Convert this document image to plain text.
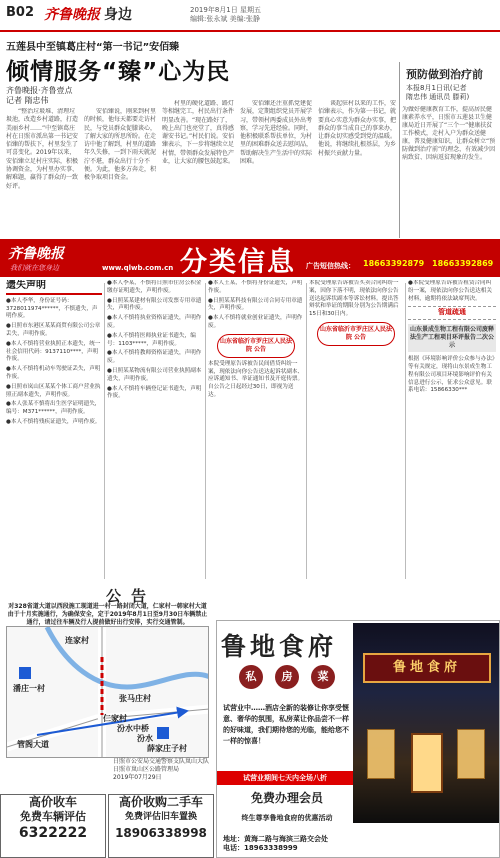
B02 齐鲁晚报 身边	2019年8月1日 星期五
编辑:张永斌 美编:张静
五莲县中至镇葛庄村“第一书记”安佰臻
倾情服务“臻”心为民
齐鲁晚报·齐鲁壹点
记者 隋忠伟

“整治垃圾堆、清理垃圾池，改造乡村道路，打造美丽乡村……”中至镇葛庄村在日照市派出第一书记安佰臻的帮扶下，村里发生了可喜变化。2019年以来，安佰臻立足村庄实际，积极协调资金，为村里办实事、解难题，赢得了群众的一致好评。

安佰臻说，刚来到村里的时候，他每天都要走访村民，与党员群众促膝谈心，了解大家的所思所盼。在走访中他了解到，村里的道路年久失修，一到下雨天就泥泞不堪，群众出行十分不便。为此，他多方奔走，积极争取项目资金。

村里的硬化道路、路灯等相继完工，村民出行条件明显改善。“现在路好了，晚上出门也亮堂了，真得感谢安书记。”村民们说。安佰臻表示，下一步将继续立足村情，带领群众发展特色产业，让大家的腰包鼓起来。

安佰臻还注重抓党建促发展，定期组织党员开展学习，带领村两委成员外出考察，学习先进经验。同时，他积极联系帮扶单位，为村里的困难群众送去慰问品，帮助解决生产生活中的实际困难。

谈起驻村以来的工作，安佰臻表示，作为第一书记，就要真心实意为群众办实事，把群众的事当成自己的事来办，让群众切实感受到党的温暖。他说，将继续扎根基层，为乡村振兴贡献力量。

预防做到治疗前
本报8月1日讯(记者
隋忠伟 通讯员 滕莉)
为做好健康教育工作，提高居民健康素养水平，日照市五莲县卫生健康局近日开展了“三个一”健康扶贫工作模式，走村入户为群众送健康，普及健康知识，让群众树立“预防做到治疗前”的理念，有效减少因病致贫、因病返贫现象的发生。
齐鲁晚报
我们就在您身边	www.qlwb.com.cn 分类信息 广告短信热线： 18663392879 18663392869
遗失声明
●本人李华，身份证号码：3728011974******，不慎遗失，声明作废。
●日照市东港区某某商贸有限公司公章丢失，声明作废。
●本人不慎将营业执照正本遗失，统一社会信用代码：9137110****，声明作废。
●本人不慎将机动车驾驶证丢失，声明作废。
●日照市岚山区某某个体工商户营业执照正副本遗失，声明作废。
●本人张某不慎将出生医学证明遗失，编号：M371******，声明作废。
●本人不慎将残疾证遗失，声明作废。
●本人李某，不慎将日照市住房公积金缴存证明遗失，声明作废。
●日照某某建材有限公司发票专用章遗失，声明作废。
●本人不慎将执业资格证遗失，声明作废。
●本人不慎将医师执业证书遗失，编号：1103*****，声明作废。
●本人不慎将教师资格证遗失，声明作废。
●日照某某物流有限公司营业执照副本遗失，声明作废。
●本人不慎将车辆登记证书遗失，声明作废。
●本人王某，不慎将身份证遗失，声明作废。
●日照某某科技有限公司合同专用章遗失，声明作废。
●本人不慎将就业创业证遗失，声明作废。
山东省临沂市罗庄区人民法院 公告
本院受理原告诉被告民间借贷纠纷一案，现依法向你公告送达起诉状副本、应诉通知书、举证通知书及开庭传票。自公告之日起经过30日，即视为送达。
本院受理原告诉被告买卖合同纠纷一案，因你下落不明，现依法向你公告送达起诉状副本等诉讼材料。提出答辩状和举证的期限分别为公告期满后15日和30日内。
山东省临沂市罗庄区人民法院 公告
●本院受理原告诉被告租赁合同纠纷一案，现依法向你公告送达相关材料，逾期将依法缺席判决。
管道疏通
山东景成生物工程有限公司废释法生产工程项目环评报告二次公示
根据《环境影响评价公众参与办法》等有关规定，现将山东景成生物工程有限公司项目环境影响评价有关信息进行公示，征求公众意见。联系电话：15866330***
公告
对328省道大道以西段施工现道进一村一路封闭大道，仁家村一韩家村大道由于十月实施通行，为确保安全，定于2019年8月1日至9月30日车辆禁止通行，请过往车辆及行人提前做好出行安排，实行交通管制。
连家村
潘庄一村
张马庄村
仁家村
汾水中桥
汾水
薛家庄子村
管阁大道
日照市公安局交通警察支队岚山大队
日照市岚山区公路管理局
2019年07月29日
鲁地食府
私	房	菜
试营业中……酒店全新的装修让你享受惬意、奢华的氛围，私房菜让你品尝不一样的好味道，我们期待您的光临，能给您不一样的惊喜！
鲁地食府
试营业期间七天内全场八折
免费办理会员
终生尊享鲁地食府的优惠活动
地址：黄海二路与海滨三路交会处
电话：18963338999
高价收车
免费车辆评估
6322222
高价收购二手车
免费评估旧车置换
18906338998
